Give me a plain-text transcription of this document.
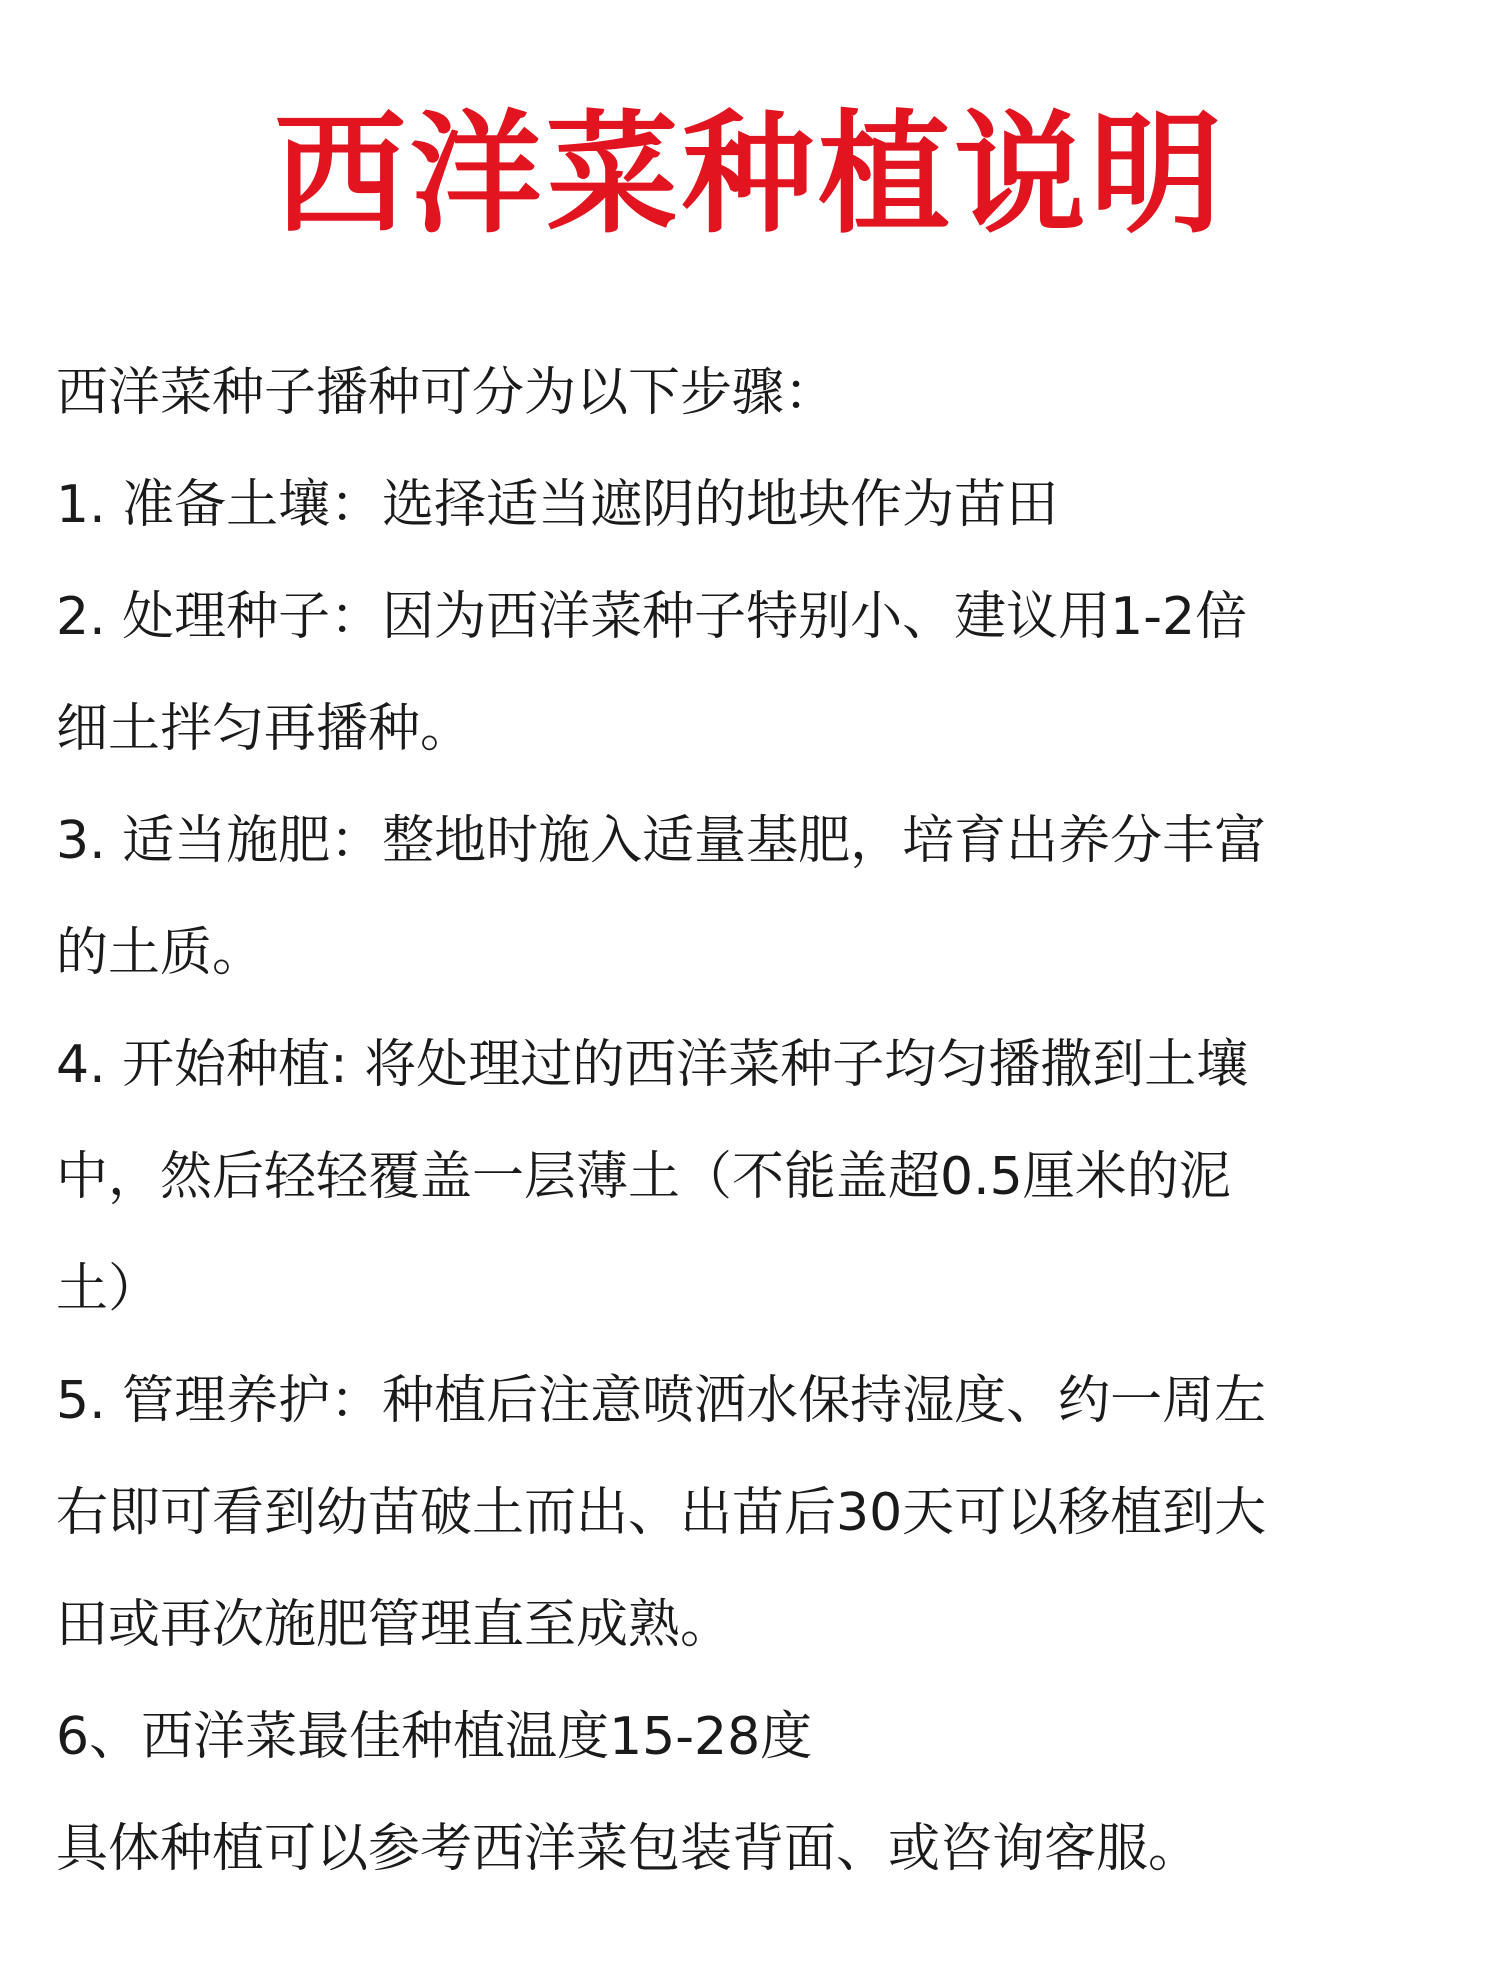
西洋菜种植说明
西洋菜种子播种可分为以下步骤：
1. 准备土壤：选择适当遮阴的地块作为苗田
2. 处理种子：因为西洋菜种子特别小、建议用1-2倍
细土拌匀再播种。
3. 适当施肥：整地时施入适量基肥，培育出养分丰富
的土质。
4. 开始种植: 将处理过的西洋菜种子均匀播撒到土壤
中，然后轻轻覆盖一层薄土（不能盖超0.5厘米的泥
土）
5. 管理养护：种植后注意喷洒水保持湿度、约一周左
右即可看到幼苗破土而出、出苗后30天可以移植到大
田或再次施肥管理直至成熟。
6、西洋菜最佳种植温度15-28度
具体种植可以参考西洋菜包装背面、或咨询客服。
